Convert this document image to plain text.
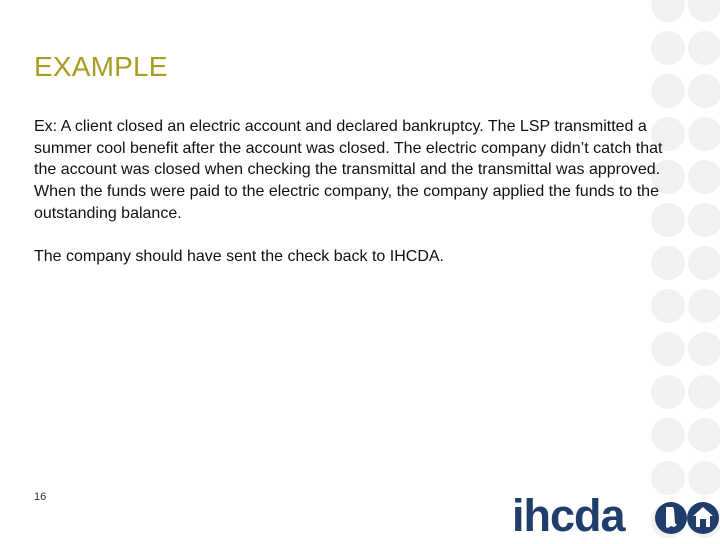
EXAMPLE

Ex: A client closed an electric account and declared bankruptcy. The LSP transmitted a summer cool benefit after the account was closed. The electric company didn’t catch that the account was closed when checking the transmittal and the transmittal was approved. When the funds were paid to the electric company, the company applied the funds to the outstanding balance.

The company should have sent the check back to IHCDA.

16	ihcda
